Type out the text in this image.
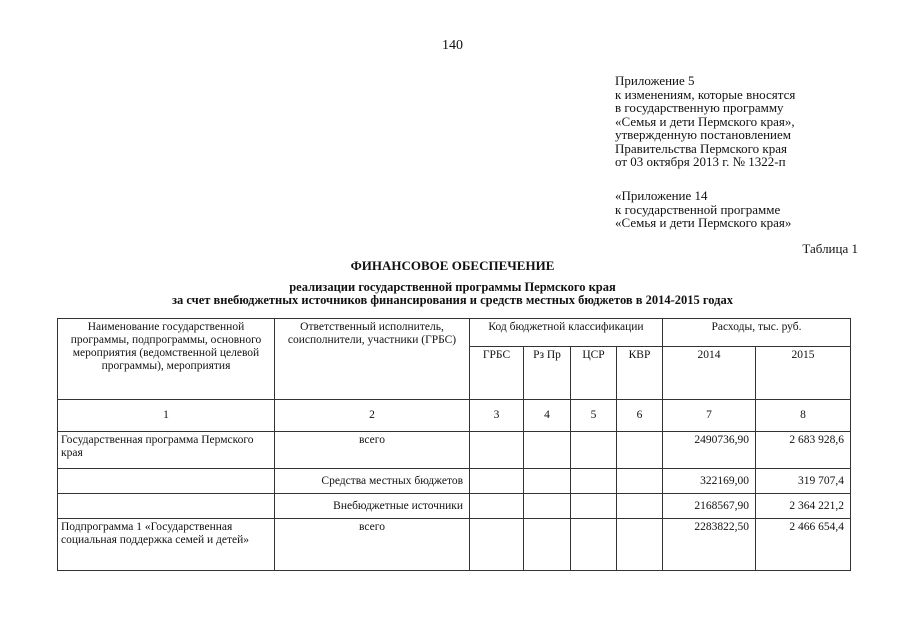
140
Приложение 5
к изменениям, которые вносятся
в государственную программу
«Семья и дети Пермского края»,
утвержденную постановлением
Правительства Пермского края
от 03 октября 2013 г. № 1322-п
«Приложение 14
к государственной программе
«Семья и дети Пермского края»
Таблица 1
ФИНАНСОВОЕ ОБЕСПЕЧЕНИЕ
реализации государственной программы Пермского края
за счет внебюджетных источников финансирования и средств местных бюджетов в 2014-2015 годах
Наименование государственной программы, подпрограммы, основного мероприятия (ведомственной целевой программы), мероприятия	Ответственный исполнитель, соисполнители, участники (ГРБС)	Код бюджетной классификации				Расходы, тыс. руб.	
		ГРБС	Рз Пр	ЦСР	КВР	2014	2015
1	2	3	4	5	6	7	8
Государственная программа Пермского края	всего					2490736,90	2 683 928,6
	Средства местных бюджетов					322169,00	319 707,4
	Внебюджетные источники					2168567,90	2 364 221,2
Подпрограмма 1 «Государственная социальная поддержка семей и детей»	всего					2283822,50	2 466 654,4
